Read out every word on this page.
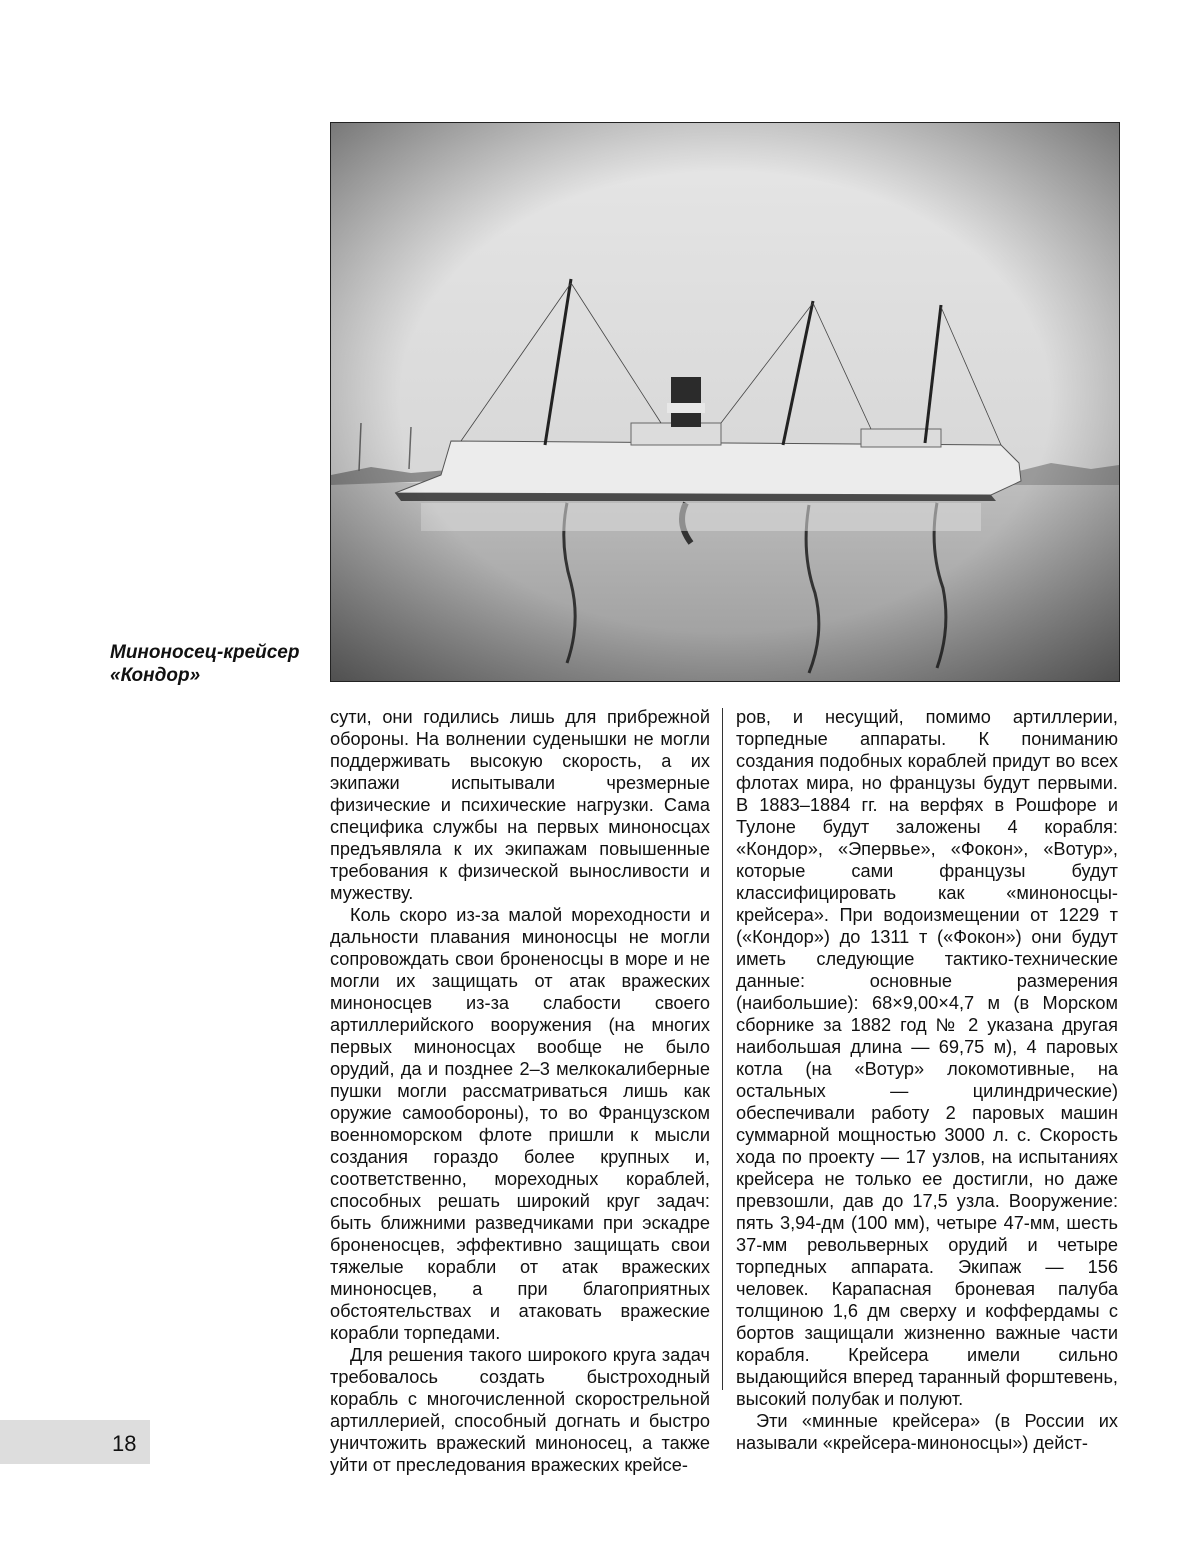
Миноносец-крейсер
«Кондор»

сути, они годились лишь для прибрежной обороны. На волнении суденышки не могли поддерживать высокую скорость, а их экипажи испытывали чрезмерные физические и психические нагрузки. Сама специфика службы на первых миноносцах предъявляла к их экипажам повышенные требования к физической выносливости и мужеству.

Коль скоро из-за малой мореходности и дальности плавания миноносцы не могли сопровождать свои броненосцы в море и не могли их защищать от атак вражеских миноносцев из-за слабости своего артиллерийского вооружения (на многих первых миноносцах вообще не было орудий, да и позднее 2–3 мелкокалиберные пушки могли рассматриваться лишь как оружие самообороны), то во Французском военноморском флоте пришли к мысли создания гораздо более крупных и, соответственно, мореходных кораблей, способных решать широкий круг задач: быть ближними разведчиками при эскадре броненосцев, эффективно защищать свои тяжелые корабли от атак вражеских миноносцев, а при благоприятных обстоятельствах и атаковать вражеские корабли торпедами.

Для решения такого широкого круга задач требовалось создать быстроходный корабль с многочисленной скорострельной артиллерией, способный догнать и быстро уничтожить вражеский миноносец, а также уйти от преследования вражеских крейсе-

ров, и несущий, помимо артиллерии, торпедные аппараты. К пониманию создания подобных кораблей придут во всех флотах мира, но французы будут первыми. В 1883–1884 гг. на верфях в Рошфоре и Тулоне будут заложены 4 корабля: «Кондор», «Эпервье», «Фокон», «Вотур», которые сами французы будут классифицировать как «миноносцы-крейсера». При водоизмещении от 1229 т («Кондор») до 1311 т («Фокон») они будут иметь следующие тактико-технические данные: основные размерения (наибольшие): 68×9,00×4,7 м (в Морском сборнике за 1882 год № 2 указана другая наибольшая длина — 69,75 м), 4 паровых котла (на «Вотур» локомотивные, на остальных — цилиндрические) обеспечивали работу 2 паровых машин суммарной мощностью 3000 л. с. Скорость хода по проекту — 17 узлов, на испытаниях крейсера не только ее достигли, но даже превзошли, дав до 17,5 узла. Вооружение: пять 3,94-дм (100 мм), четыре 47-мм, шесть 37-мм револьверных орудий и четыре торпедных аппарата. Экипаж — 156 человек. Карапасная броневая палуба толщиною 1,6 дм сверху и коффердамы с бортов защищали жизненно важные части корабля. Крейсера имели сильно выдающийся вперед таранный форштевень, высокий полубак и полуют.

Эти «минные крейсера» (в России их называли «крейсера-миноносцы») дейст-

18
